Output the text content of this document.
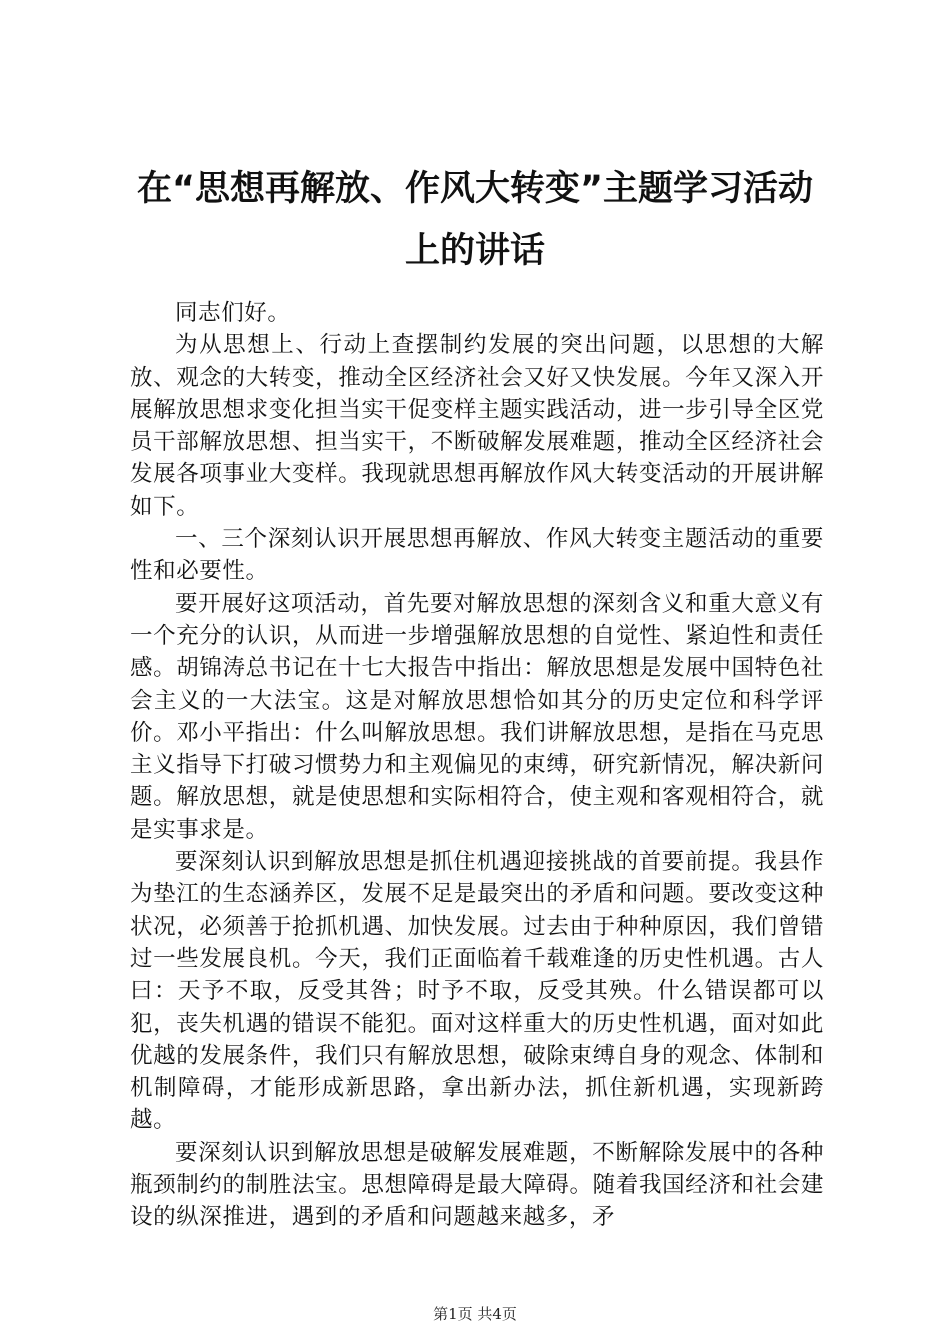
在“思想再解放、作风大转变”主题学习活动
上的讲话

同志们好。

为从思想上、行动上查摆制约发展的突出问题，以思想的大解放、观念的大转变，推动全区经济社会又好又快发展。今年又深入开展解放思想求变化担当实干促变样主题实践活动，进一步引导全区党员干部解放思想、担当实干，不断破解发展难题，推动全区经济社会发展各项事业大变样。我现就思想再解放作风大转变活动的开展讲解如下。

一、三个深刻认识开展思想再解放、作风大转变主题活动的重要性和必要性。

要开展好这项活动，首先要对解放思想的深刻含义和重大意义有一个充分的认识，从而进一步增强解放思想的自觉性、紧迫性和责任感。胡锦涛总书记在十七大报告中指出：解放思想是发展中国特色社会主义的一大法宝。这是对解放思想恰如其分的历史定位和科学评价。邓小平指出：什么叫解放思想。我们讲解放思想，是指在马克思主义指导下打破习惯势力和主观偏见的束缚，研究新情况，解决新问题。解放思想，就是使思想和实际相符合，使主观和客观相符合，就是实事求是。

要深刻认识到解放思想是抓住机遇迎接挑战的首要前提。我县作为垫江的生态涵养区，发展不足是最突出的矛盾和问题。要改变这种状况，必须善于抢抓机遇、加快发展。过去由于种种原因，我们曾错过一些发展良机。今天，我们正面临着千载难逢的历史性机遇。古人曰：天予不取，反受其咎；时予不取，反受其殃。什么错误都可以犯，丧失机遇的错误不能犯。面对这样重大的历史性机遇，面对如此优越的发展条件，我们只有解放思想，破除束缚自身的观念、体制和机制障碍，才能形成新思路，拿出新办法，抓住新机遇，实现新跨越。

要深刻认识到解放思想是破解发展难题，不断解除发展中的各种瓶颈制约的制胜法宝。思想障碍是最大障碍。随着我国经济和社会建设的纵深推进，遇到的矛盾和问题越来越多，矛

第1页 共4页
